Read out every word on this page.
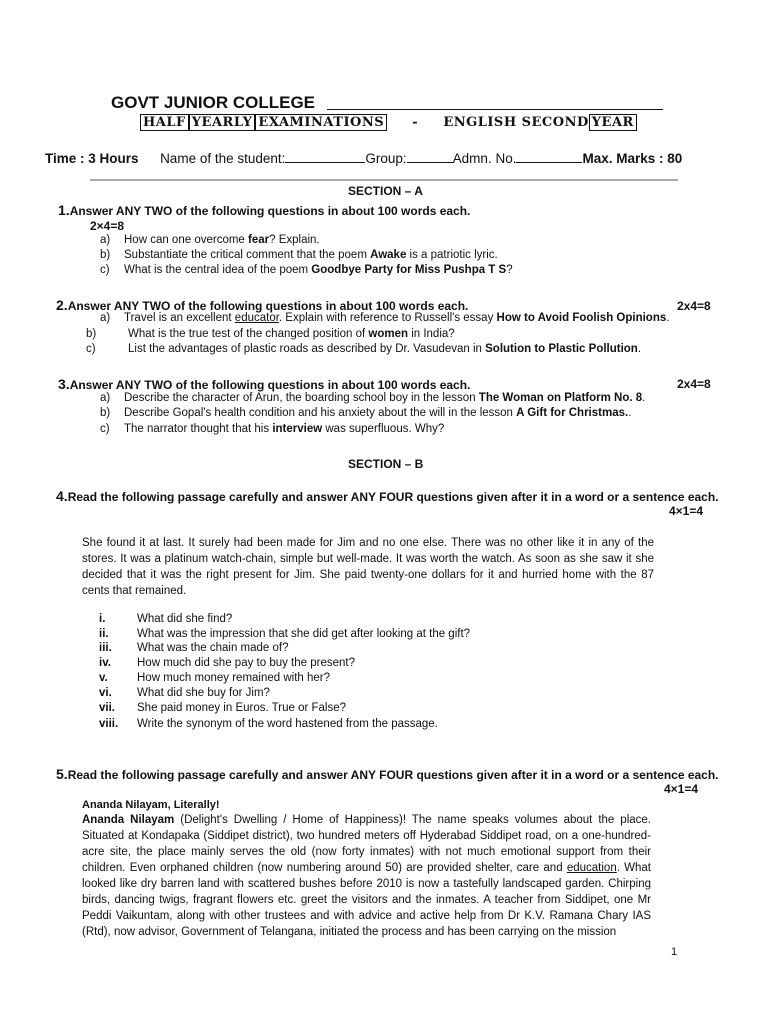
GOVT JUNIOR COLLEGE
HALF YEARLY EXAMINATIONS - ENGLISH SECOND YEAR
Time : 3 Hours Name of the student:	Group:	Admn. No.	Max. Marks : 80
SECTION – A
1.Answer ANY TWO of the following questions in about 100 words each.
2×4=8
a) How can one overcome fear? Explain.
b) Substantiate the critical comment that the poem Awake is a patriotic lyric.
c) What is the central idea of the poem Goodbye Party for Miss Pushpa T S?
2.Answer ANY TWO of the following questions in about 100 words each.	2x4=8
a) Travel is an excellent educator. Explain with reference to Russell's essay How to Avoid Foolish Opinions.
b)	What is the true test of the changed position of women in India?
c)	List the advantages of plastic roads as described by Dr. Vasudevan in Solution to Plastic Pollution.
3.Answer ANY TWO of the following questions in about 100 words each.	2x4=8
a) Describe the character of Arun, the boarding school boy in the lesson The Woman on Platform No. 8.
b) Describe Gopal's health condition and his anxiety about the will in the lesson A Gift for Christmas..
c) The narrator thought that his interview was superfluous. Why?
SECTION – B
4.Read the following passage carefully and answer ANY FOUR questions given after it in a word or a sentence each.
4×1=4
She found it at last. It surely had been made for Jim and no one else. There was no other like it in any of the stores. It was a platinum watch-chain, simple but well-made. It was worth the watch. As soon as she saw it she decided that it was the right present for Jim. She paid twenty-one dollars for it and hurried home with the 87 cents that remained.
i.	What did she find?
ii. What was the impression that she did get after looking at the gift?
iii. What was the chain made of?
iv. How much did she pay to buy the present?
v.	How much money remained with her?
vi. What did she buy for Jim?
vii. She paid money in Euros. True or False?
viii. Write the synonym of the word hastened from the passage.
5.Read the following passage carefully and answer ANY FOUR questions given after it in a word or a sentence each.
4×1=4
Ananda Nilayam, Literally!
Ananda Nilayam (Delight's Dwelling / Home of Happiness)! The name speaks volumes about the place. Situated at Kondapaka (Siddipet district), two hundred meters off Hyderabad Siddipet road, on a one-hundred-acre site, the place mainly serves the old (now forty inmates) with not much emotional support from their children. Even orphaned children (now numbering around 50) are provided shelter, care and education. What looked like dry barren land with scattered bushes before 2010 is now a tastefully landscaped garden. Chirping birds, dancing twigs, fragrant flowers etc. greet the visitors and the inmates. A teacher from Siddipet, one Mr Peddi Vaikuntam, along with other trustees and with advice and active help from Dr K.V. Ramana Chary IAS (Rtd), now advisor, Government of Telangana, initiated the process and has been carrying on the mission
1
